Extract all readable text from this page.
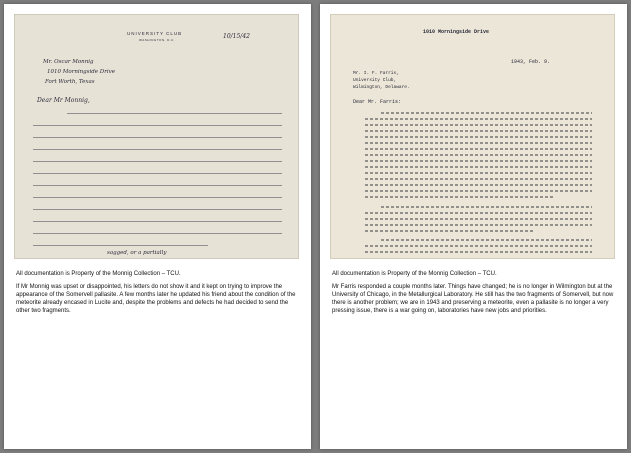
UNIVERSITY CLUB
WASHINGTON, D.C.	10/15/42
Mr. Oscar Monnig
1010 Morningside Drive
Fort Worth, Texas
Dear Mr Monnig,
sagged, or a partially

All documentation is Property of the Monnig Collection – TCU.

If Mr Monnig was upset or disappointed, his letters do not show it and it kept on trying to improve the appearance of the Somervell pallasite. A few months later he updated his friend about the condition of the meteorite already encased in Lucite and, despite the problems and defects he had decided to send the other two fragments.

1010 Morningside Drive
1943, Feb. 9.
Mr. I. F. Farris,
University Club,
Wilmington, Delaware.
Dear Mr. Farris:

All documentation is Property of the Monnig Collection – TCU.

Mr Farris responded a couple months later. Things have changed; he is no longer in Wilmington but at the University of Chicago, in the Metallurgical Laboratory. He still has the two fragments of Somervell, but now there is another problem; we are in 1943 and preserving a meteorite, even a pallasite is no longer a very pressing issue, there is a war going on, laboratories have new jobs and priorities.
